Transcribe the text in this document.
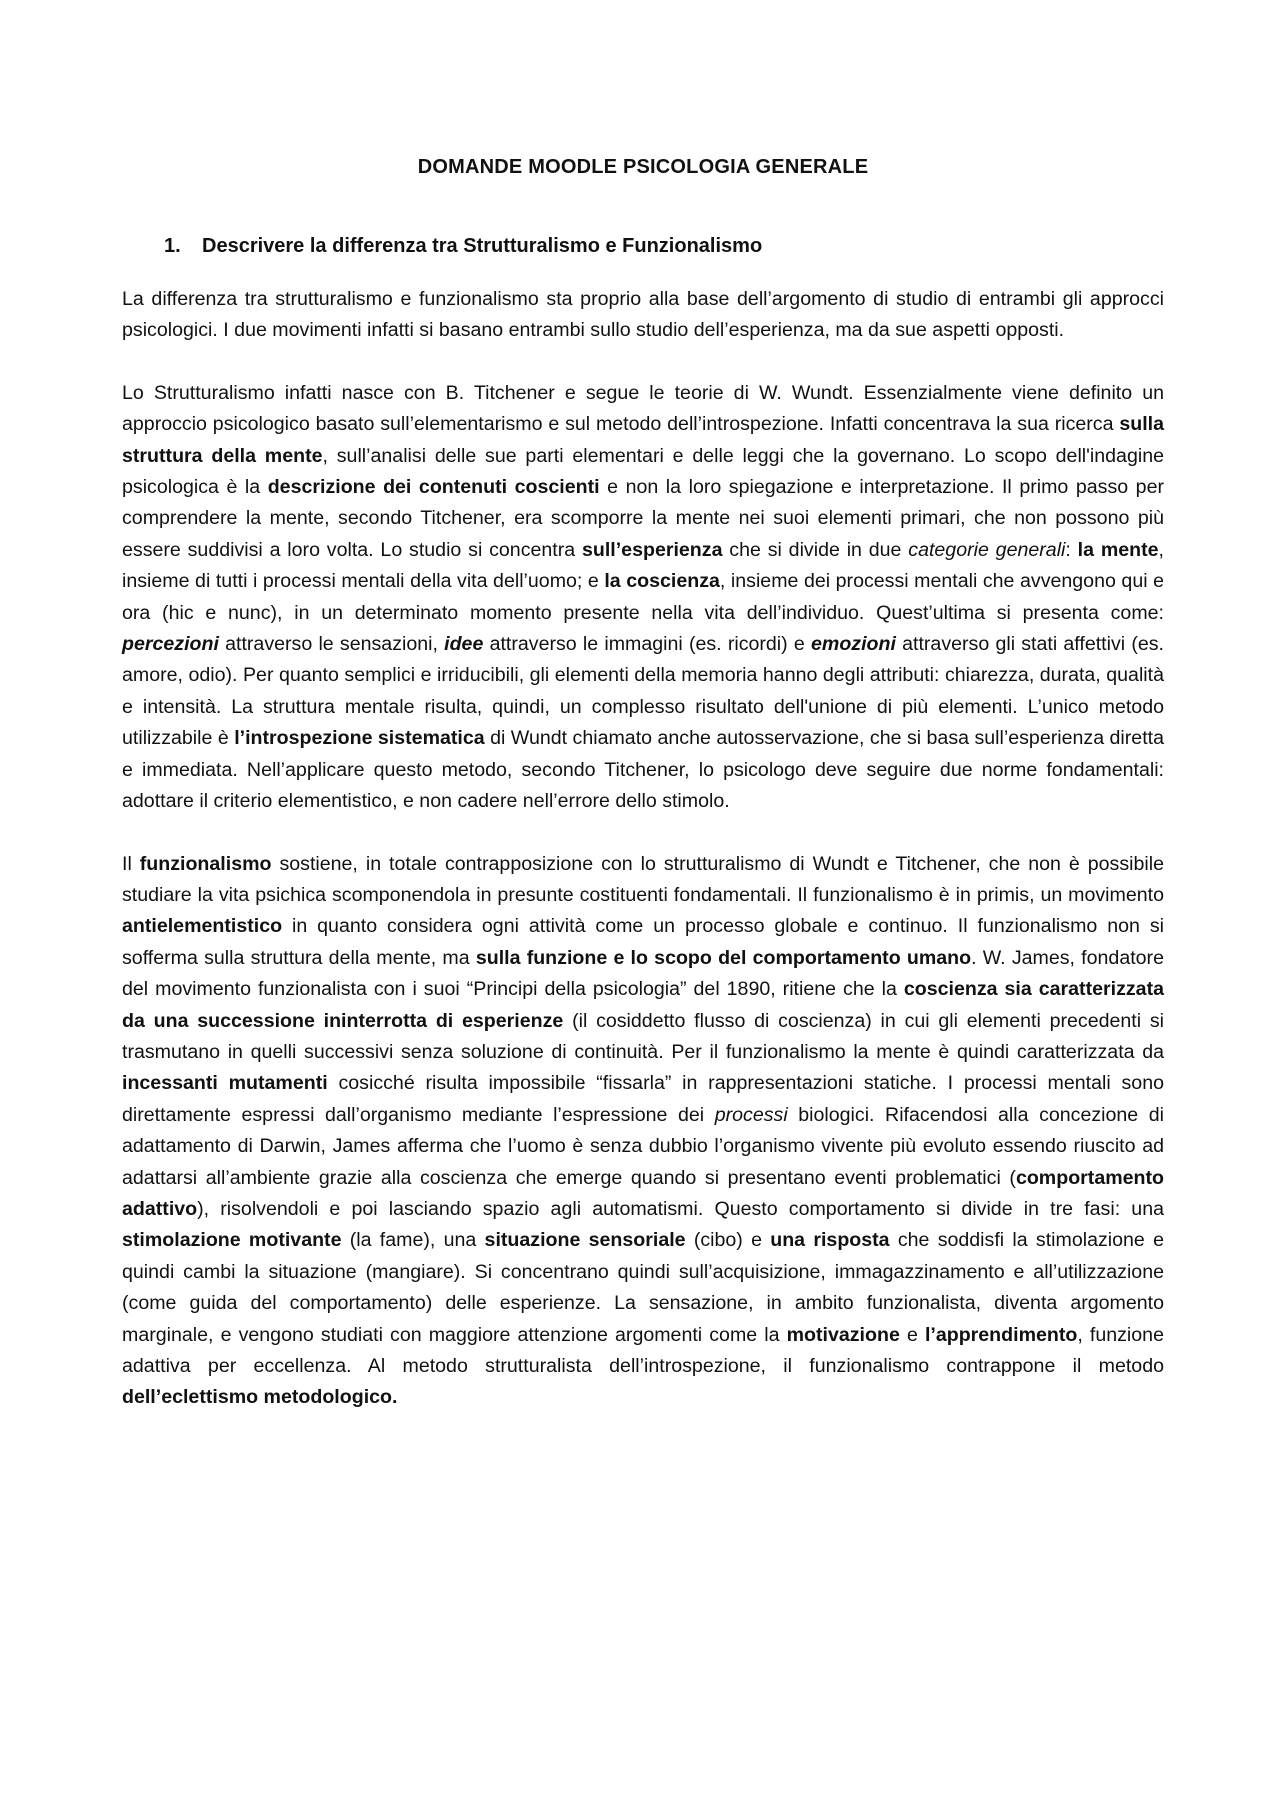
DOMANDE MOODLE PSICOLOGIA GENERALE
1.	Descrivere la differenza tra Strutturalismo e Funzionalismo

La differenza tra strutturalismo e funzionalismo sta proprio alla base dell’argomento di studio di entrambi gli approcci psicologici. I due movimenti infatti si basano entrambi sullo studio dell’esperienza, ma da sue aspetti opposti.

Lo Strutturalismo infatti nasce con B. Titchener e segue le teorie di W. Wundt. Essenzialmente viene definito un approccio psicologico basato sull’elementarismo e sul metodo dell’introspezione. Infatti concentrava la sua ricerca sulla struttura della mente, sull’analisi delle sue parti elementari e delle leggi che la governano. Lo scopo dell'indagine psicologica è la descrizione dei contenuti coscienti e non la loro spiegazione e interpretazione. Il primo passo per comprendere la mente, secondo Titchener, era scomporre la mente nei suoi elementi primari, che non possono più essere suddivisi a loro volta. Lo studio si concentra sull’esperienza che si divide in due categorie generali: la mente, insieme di tutti i processi mentali della vita dell’uomo; e la coscienza, insieme dei processi mentali che avvengono qui e ora (hic e nunc), in un determinato momento presente nella vita dell’individuo. Quest’ultima si presenta come: percezioni attraverso le sensazioni, idee attraverso le immagini (es. ricordi) e emozioni attraverso gli stati affettivi (es. amore, odio). Per quanto semplici e irriducibili, gli elementi della memoria hanno degli attributi: chiarezza, durata, qualità e intensità. La struttura mentale risulta, quindi, un complesso risultato dell'unione di più elementi. L’unico metodo utilizzabile è l’introspezione sistematica di Wundt chiamato anche autosservazione, che si basa sull’esperienza diretta e immediata. Nell’applicare questo metodo, secondo Titchener, lo psicologo deve seguire due norme fondamentali: adottare il criterio elementistico, e non cadere nell’errore dello stimolo.

Il funzionalismo sostiene, in totale contrapposizione con lo strutturalismo di Wundt e Titchener, che non è possibile studiare la vita psichica scomponendola in presunte costituenti fondamentali. Il funzionalismo è in primis, un movimento antielementistico in quanto considera ogni attività come un processo globale e continuo. Il funzionalismo non si sofferma sulla struttura della mente, ma sulla funzione e lo scopo del comportamento umano. W. James, fondatore del movimento funzionalista con i suoi “Principi della psicologia” del 1890, ritiene che la coscienza sia caratterizzata da una successione ininterrotta di esperienze (il cosiddetto flusso di coscienza) in cui gli elementi precedenti si trasmutano in quelli successivi senza soluzione di continuità. Per il funzionalismo la mente è quindi caratterizzata da incessanti mutamenti cosicché risulta impossibile “fissarla” in rappresentazioni statiche. I processi mentali sono direttamente espressi dall’organismo mediante l’espressione dei processi biologici. Rifacendosi alla concezione di adattamento di Darwin, James afferma che l’uomo è senza dubbio l’organismo vivente più evoluto essendo riuscito ad adattarsi all’ambiente grazie alla coscienza che emerge quando si presentano eventi problematici (comportamento adattivo), risolvendoli e poi lasciando spazio agli automatismi. Questo comportamento si divide in tre fasi: una stimolazione motivante (la fame), una situazione sensoriale (cibo) e una risposta che soddisfi la stimolazione e quindi cambi la situazione (mangiare). Si concentrano quindi sull’acquisizione, immagazzinamento e all’utilizzazione (come guida del comportamento) delle esperienze. La sensazione, in ambito funzionalista, diventa argomento marginale, e vengono studiati con maggiore attenzione argomenti come la motivazione e l’apprendimento, funzione adattiva per eccellenza. Al metodo strutturalista dell’introspezione, il funzionalismo contrappone il metodo dell’eclettismo metodologico.
